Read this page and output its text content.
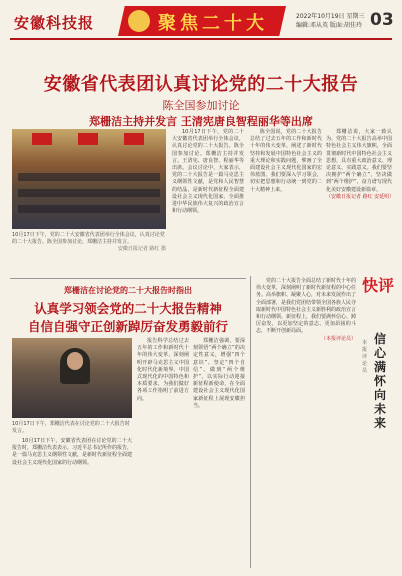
安徽科技报	聚焦二十大	2022年10月19日 星期三
编辑:邓从英 版面:胡佳玲 03
安徽省代表团认真讨论党的二十大报告
陈全国参加讨论
郑栅洁主持并发言 王清宪唐良智程丽华等出席
10月17日下午，党的二十大安徽省代表团举行全体会议，认真讨论党的二十大报告。陈全国参加讨论，郑栅洁主持并发言。
安徽日报记者 路红 摄

10月17日下午，党的二十大安徽省代表团举行全体会议，认真讨论党的二十大报告。陈全国参加讨论。郑栅洁主持并发言。王清宪、唐良智、程丽华等出席。会议讨论中，大家表示，党的二十大报告是一篇马克思主义纲领性文献，是党和人民智慧的结晶，是新时代新征程全面建设社会主义现代化国家、全面推进中华民族伟大复兴的政治宣言和行动纲领。

陈全国说，党的二十大报告总结了过去五年的工作和新时代十年的伟大变革，阐述了新时代坚持和发展中国特色社会主义的重大理论和实践问题，擘画了全面建设社会主义现代化国家的宏伟蓝图。我们要深入学习领会，切实把思想和行动统一到党的二十大精神上来。

郑栅洁说，大家一致认为，党的二十大报告高举中国特色社会主义伟大旗帜，全面贯彻新时代中国特色社会主义思想，具有重大政治意义、理论意义、实践意义。我们要坚决拥护“两个确立”，坚决做到“两个维护”，奋力谱写现代化美好安徽建设新篇章。

（安徽日报记者 路红 安延明）
郑栅洁在讨论党的二十大报告时指出
认真学习领会党的二十大报告精神
自信自强守正创新踔厉奋发勇毅前行
10月17日下午，郑栅洁代表在讨论党的二十大报告时发言。

10月17日下午，安徽省代表团在讨论党的二十大报告时，郑栅洁代表表示，习近平总书记所作的报告，是一篇马克思主义纲领性文献，是新时代新征程全面建设社会主义现代化国家的行动纲领。

报告科学总结过去五年的工作和新时代十年的伟大变革，深刻阐明开辟马克思主义中国化时代化新境界、中国式现代化的中国特色和本质要求，为我们做好各项工作指明了前进方向。

郑栅洁强调，要深刻领悟“两个确立”的决定性意义，增强“四个意识”、坚定“四个自信”、做到“两个维护”，以实际行动迎接新征程新使命，在全面建设社会主义现代化国家新征程上展现安徽担当。

快评

党的二十大报告全面总结了新时代十年的伟大变革，深刻阐明了新时代新征程的中心任务。高举旗帜、凝聚人心，对未来发展作出了全面部署，是我们党团结带领全国各族人民夺取新时代中国特色社会主义新胜利的政治宣言和行动纲领。新征程上，我们要满怀信心、踔厉奋发，以更加坚定的意志、更加昂扬的斗志，不断开创新局面。

（本报评论员） 信心满怀向未来
本报评论员
